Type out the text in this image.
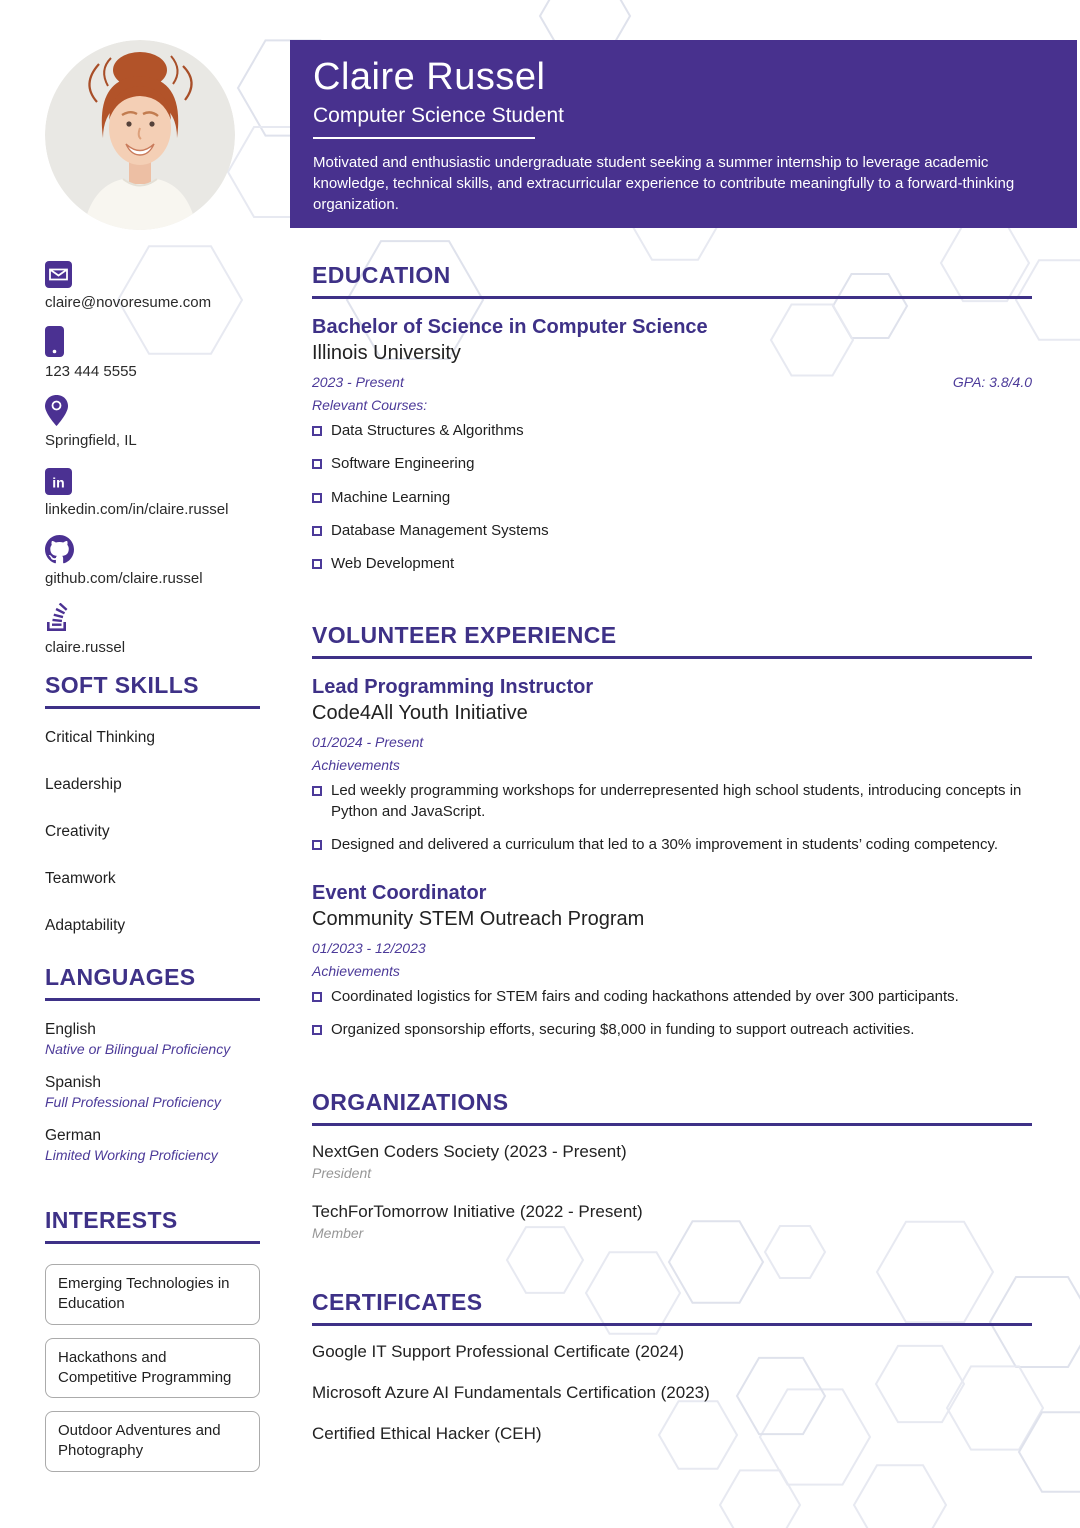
Claire Russel
Computer Science Student
Motivated and enthusiastic undergraduate student seeking a summer internship to leverage academic knowledge, technical skills, and extracurricular experience to contribute meaningfully to a forward-thinking organization.
claire@novoresume.com
123 444 5555
Springfield, IL
in
linkedin.com/in/claire.russel
github.com/claire.russel
claire.russel
SOFT SKILLS
Critical Thinking
Leadership
Creativity
Teamwork
Adaptability
LANGUAGES
English
Native or Bilingual Proficiency
Spanish
Full Professional Proficiency
German
Limited Working Proficiency
INTERESTS
Emerging Technologies in Education
Hackathons and Competitive Programming
Outdoor Adventures and Photography
EDUCATION
Bachelor of Science in Computer Science
Illinois University
2023 - Present	GPA: 3.8/4.0
Relevant Courses:
Data Structures & Algorithms
Software Engineering
Machine Learning
Database Management Systems
Web Development
VOLUNTEER EXPERIENCE
Lead Programming Instructor
Code4All Youth Initiative
01/2024 - Present
Achievements
Led weekly programming workshops for underrepresented high school students, introducing concepts in Python and JavaScript.
Designed and delivered a curriculum that led to a 30% improvement in students’ coding competency.
Event Coordinator
Community STEM Outreach Program
01/2023 - 12/2023
Achievements
Coordinated logistics for STEM fairs and coding hackathons attended by over 300 participants.
Organized sponsorship efforts, securing $8,000 in funding to support outreach activities.
ORGANIZATIONS
NextGen Coders Society (2023 - Present)
President
TechForTomorrow Initiative (2022 - Present)
Member
CERTIFICATES
Google IT Support Professional Certificate (2024)
Microsoft Azure AI Fundamentals Certification (2023)
Certified Ethical Hacker (CEH)
